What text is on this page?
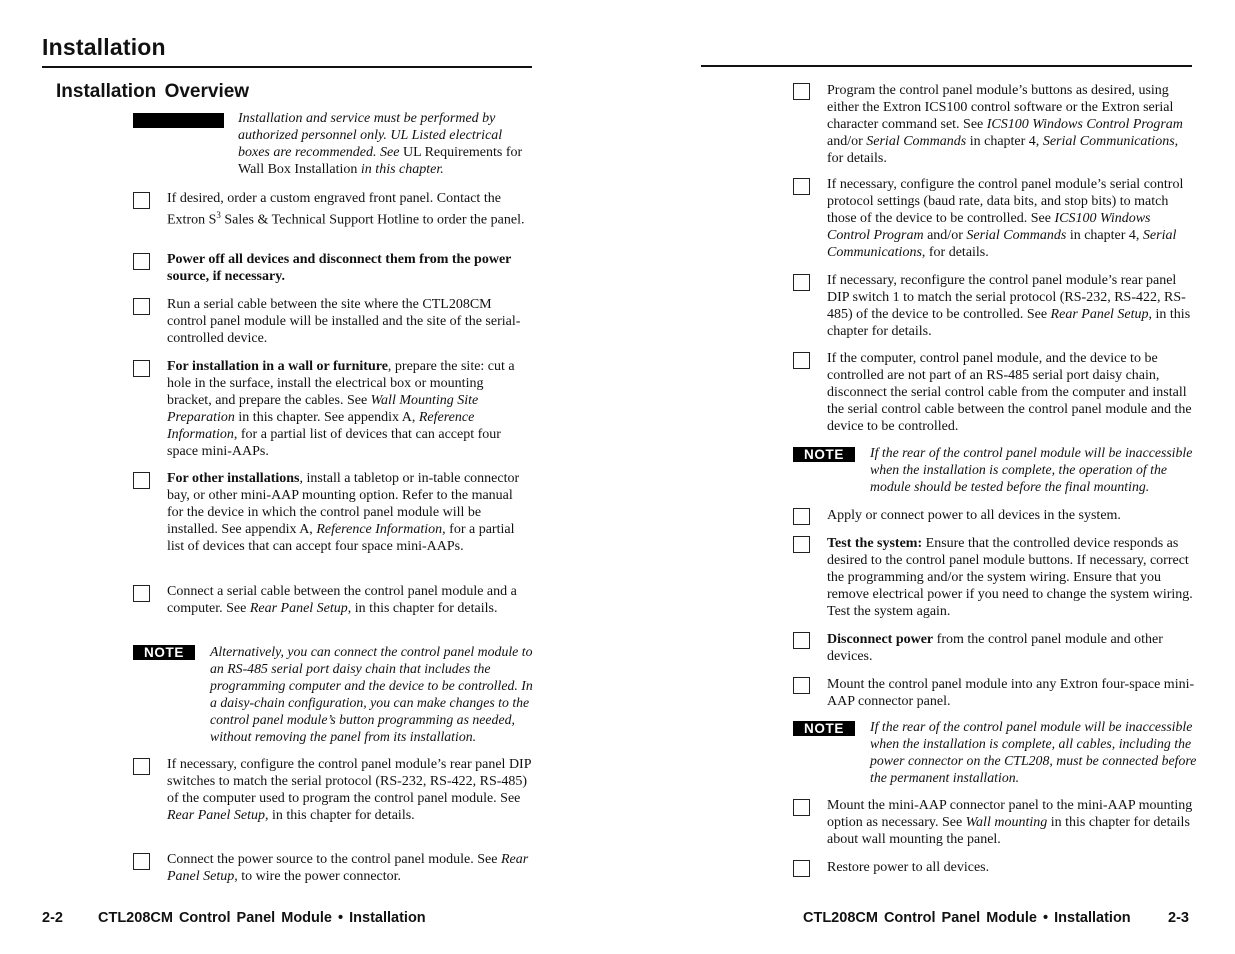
Installation
Installation Overview
Installation and service must be performed by authorized personnel only. UL Listed electrical boxes are recommended. See UL Requirements for Wall Box Installation in this chapter.
If desired, order a custom engraved front panel. Contact the Extron $S^3$ Sales & Technical Support Hotline to order the panel.
Power off all devices and disconnect them from the power source, if necessary.
Run a serial cable between the site where the CTL208CM control panel module will be installed and the site of the serial-controlled device.
For installation in a wall or furniture, prepare the site: cut a hole in the surface, install the electrical box or mounting bracket, and prepare the cables. See Wall Mounting Site Preparation in this chapter. See appendix A, Reference Information, for a partial list of devices that can accept four space mini-AAPs.
For other installations, install a tabletop or in-table connector bay, or other mini-AAP mounting option. Refer to the manual for the device in which the control panel module will be installed. See appendix A, Reference Information, for a partial list of devices that can accept four space mini-AAPs.
Connect a serial cable between the control panel module and a computer. See Rear Panel Setup, in this chapter for details.
NOTE	Alternatively, you can connect the control panel module to an RS-485 serial port daisy chain that includes the programming computer and the device to be controlled. In a daisy-chain configuration, you can make changes to the control panel module’s button programming as needed, without removing the panel from its installation.
If necessary, configure the control panel module’s rear panel DIP switches to match the serial protocol (RS-232, RS-422, RS-485) of the computer used to program the control panel module. See Rear Panel Setup, in this chapter for details.
Connect the power source to the control panel module. See Rear Panel Setup, to wire the power connector.
2-2 CTL208CM Control Panel Module • Installation
Program the control panel module’s buttons as desired, using either the Extron ICS100 control software or the Extron serial character command set. See ICS100 Windows Control Program and/or Serial Commands in chapter 4, Serial Communications, for details.
If necessary, configure the control panel module’s serial control protocol settings (baud rate, data bits, and stop bits) to match those of the device to be controlled. See ICS100 Windows Control Program and/or Serial Commands in chapter 4, Serial Communications, for details.
If necessary, reconfigure the control panel module’s rear panel DIP switch 1 to match the serial protocol (RS-232, RS-422, RS-485) of the device to be controlled. See Rear Panel Setup, in this chapter for details.
If the computer, control panel module, and the device to be controlled are not part of an RS-485 serial port daisy chain, disconnect the serial control cable from the computer and install the serial control cable between the control panel module and the device to be controlled.
NOTE	If the rear of the control panel module will be inaccessible when the installation is complete, the operation of the module should be tested before the final mounting.
Apply or connect power to all devices in the system.
Test the system: Ensure that the controlled device responds as desired to the control panel module buttons. If necessary, correct the programming and/or the system wiring. Ensure that you remove electrical power if you need to change the system wiring. Test the system again.
Disconnect power from the control panel module and other devices.
Mount the control panel module into any Extron four-space mini-AAP connector panel.
NOTE	If the rear of the control panel module will be inaccessible when the installation is complete, all cables, including the power connector on the CTL208, must be connected before the permanent installation.
Mount the mini-AAP connector panel to the mini-AAP mounting option as necessary. See Wall mounting in this chapter for details about wall mounting the panel.
Restore power to all devices.
CTL208CM Control Panel Module • Installation	2-3
